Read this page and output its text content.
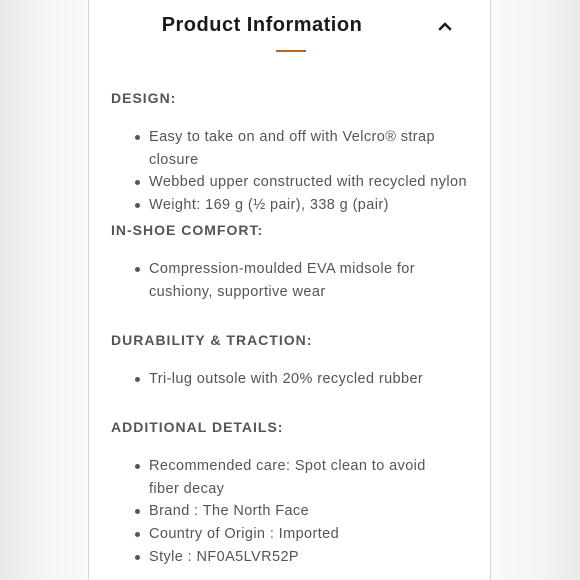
Product Information
DESIGN:
Easy to take on and off with Velcro® strap closure
Webbed upper constructed with recycled nylon
Weight: 169 g (½ pair), 338 g (pair)
IN-SHOE COMFORT:
Compression-moulded EVA midsole for cushiony, supportive wear
DURABILITY & TRACTION:
Tri-lug outsole with 20% recycled rubber
ADDITIONAL DETAILS:
Recommended care: Spot clean to avoid fiber decay
Brand : The North Face
Country of Origin : Imported
Style : NF0A5LVR52P
